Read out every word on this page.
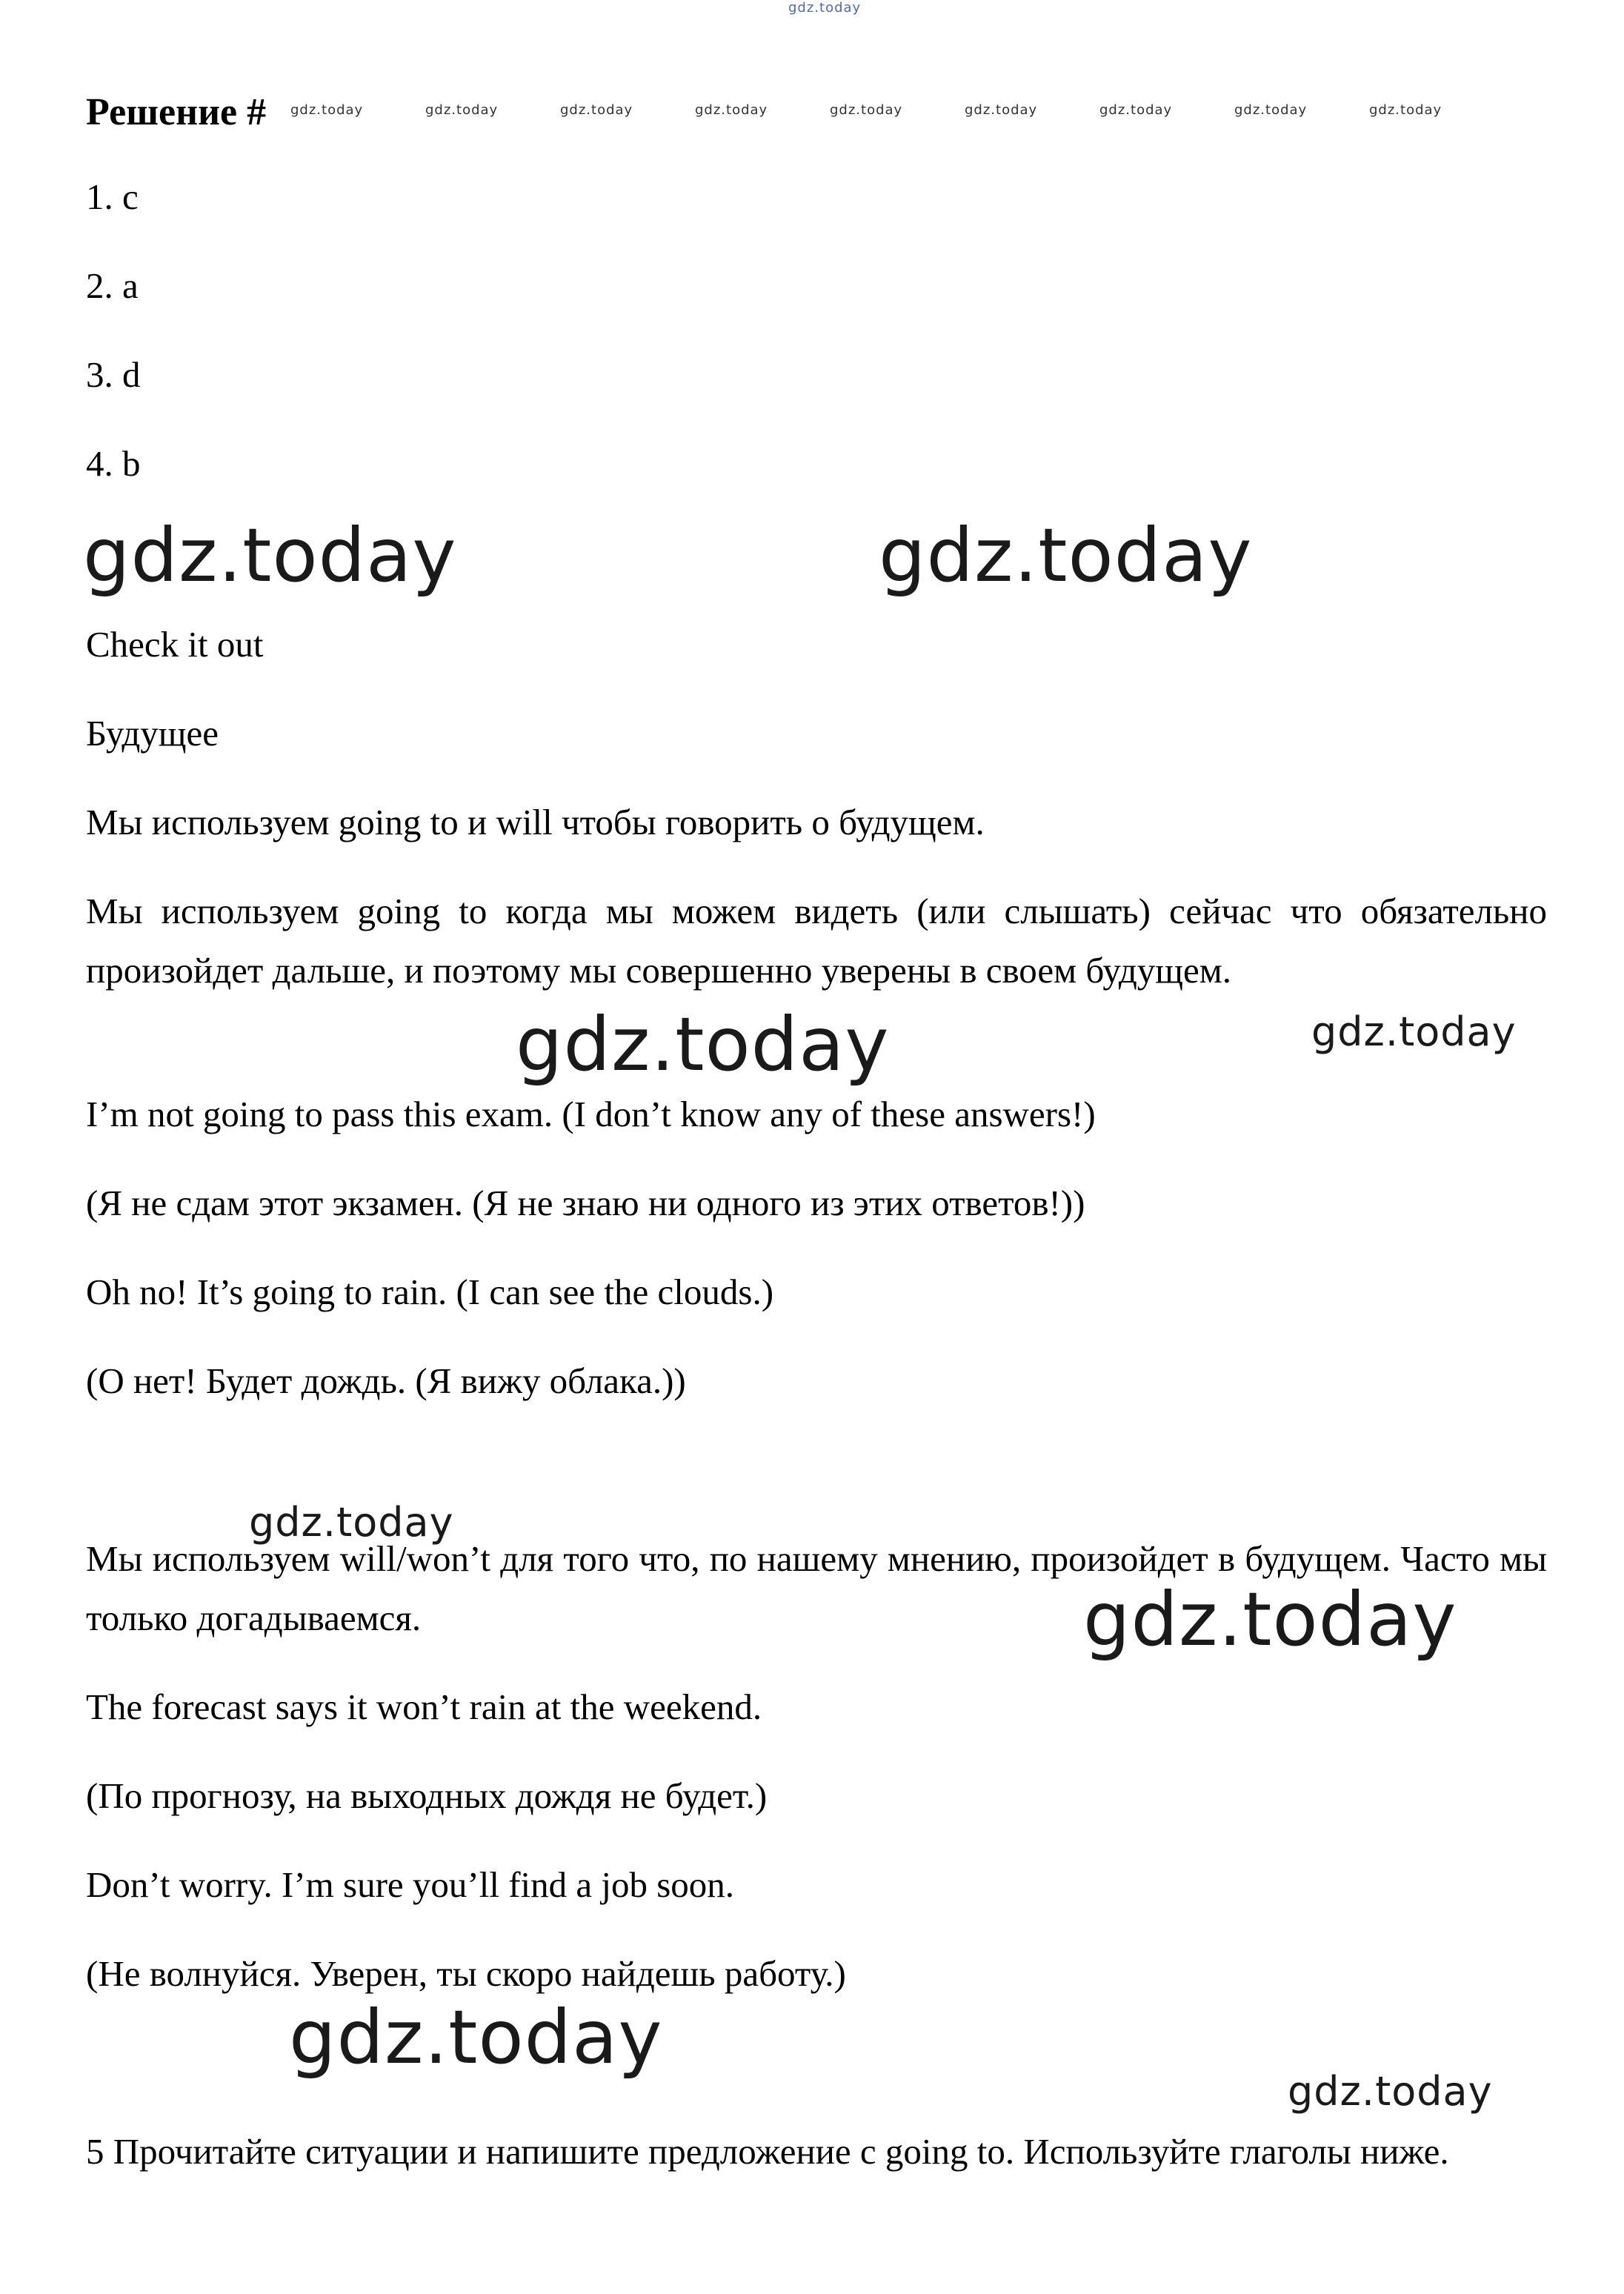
gdz.today
Решение # gdz.today	gdz.today	gdz.today	gdz.today	gdz.today	gdz.today	gdz.today	gdz.today	gdz.today
1. c
2. a
3. d
4. b
gdz.today	gdz.today
Check it out
Будущее
Мы используем going to и will чтобы говорить о будущем.
Мы используем going to когда мы можем видеть (или слышать) сейчас что обязательно произойдет дальше, и поэтому мы совершенно уверены в своем будущем.
gdz.today	gdz.today
I’m not going to pass this exam. (I don’t know any of these answers!)
(Я не сдам этот экзамен. (Я не знаю ни одного из этих ответов!))
Oh no! It’s going to rain. (I can see the clouds.)
(О нет! Будет дождь. (Я вижу облака.))
gdz.today
Мы используем will/won’t для того что, по нашему мнению, произойдет в будущем. Часто мы только догадываемся.	gdz.today
The forecast says it won’t rain at the weekend.
(По прогнозу, на выходных дождя не будет.)
Don’t worry. I’m sure you’ll find a job soon.
(Не волнуйся. Уверен, ты скоро найдешь работу.)
gdz.today
gdz.today
5 Прочитайте ситуации и напишите предложение с going to. Используйте глаголы ниже.
